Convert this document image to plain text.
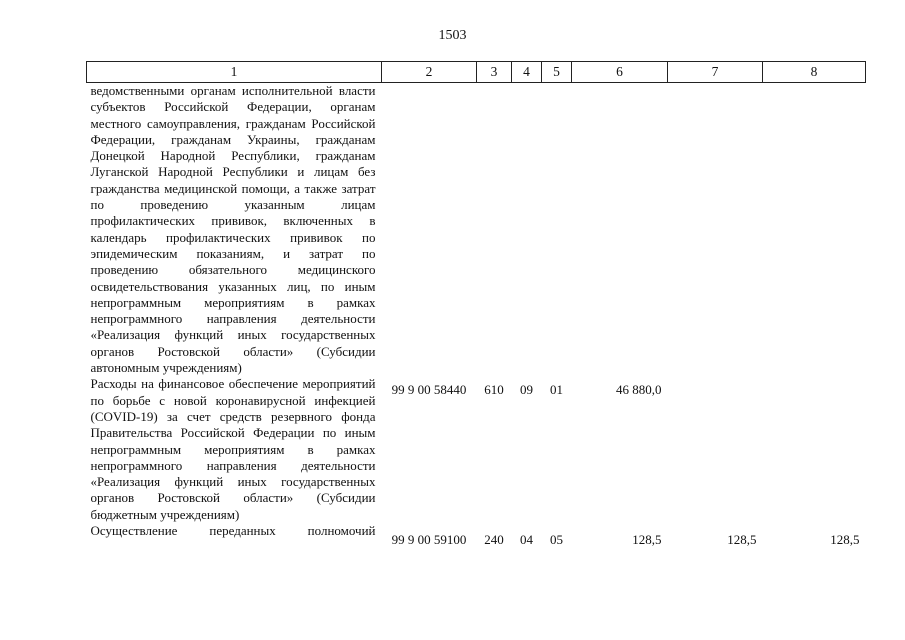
1503
1	2	3	4	5	6	7	8
ведомственными органам исполнительной власти субъектов Российской Федерации, органам местного самоуправления, гражданам Российской Федерации, гражданам Украины, гражданам Донецкой Народной Республики, гражданам Луганской Народной Республики и лицам без гражданства медицинской помощи, а также затрат по проведению указанным лицам профилактических прививок, включенных в календарь профилактических прививок по эпидемическим показаниям, и затрат по проведению обязательного медицинского освидетельствования указанных лиц, по иным непрограммным мероприятиям в рамках непрограммного направления деятельности «Реализация функций иных государственных органов Ростовской области» (Субсидии автономным учреждениям)							
Расходы на финансовое обеспечение мероприятий по борьбе с новой коронавирусной инфекцией (COVID-19) за счет средств резервного фонда Правительства Российской Федерации по иным непрограммным мероприятиям в рамках непрограммного направления деятельности «Реализация функций иных государственных органов Ростовской области» (Субсидии бюджетным учреждениям)	99 9 00 58440	610	09	01	46 880,0		
Осуществление переданных полномочий	99 9 00 59100	240	04	05	128,5	128,5	128,5
